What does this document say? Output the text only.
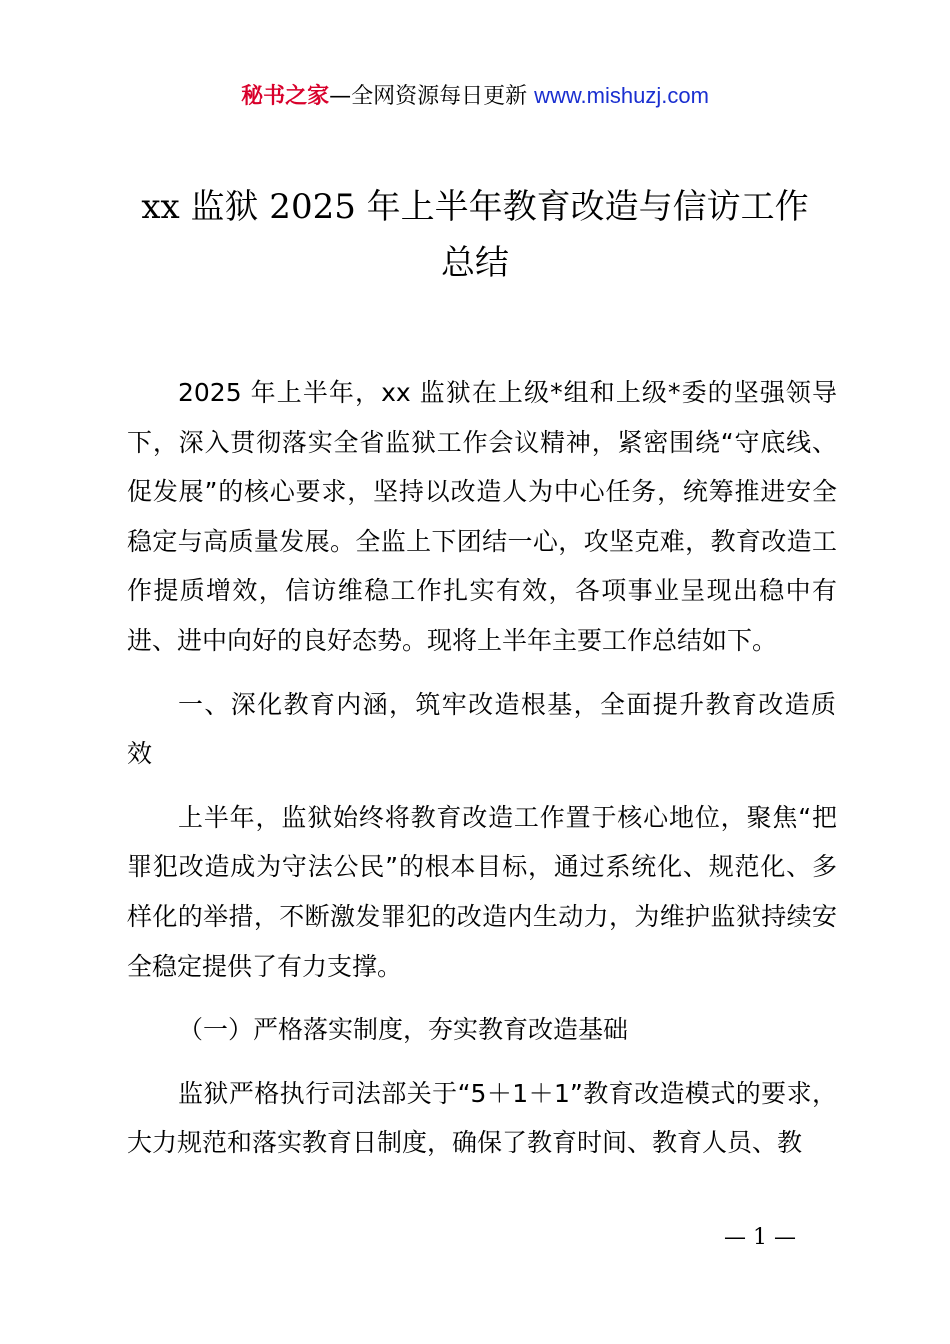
秘书之家—全网资源每日更新 www.mishuzj.com
xx 监狱 2025 年上半年教育改造与信访工作
总结

2025 年上半年，xx 监狱在上级*组和上级*委的坚强领导下，深入贯彻落实全省监狱工作会议精神，紧密围绕“守底线、促发展”的核心要求，坚持以改造人为中心任务，统筹推进安全稳定与高质量发展。全监上下团结一心，攻坚克难，教育改造工作提质增效，信访维稳工作扎实有效，各项事业呈现出稳中有进、进中向好的良好态势。现将上半年主要工作总结如下。

一、深化教育内涵，筑牢改造根基，全面提升教育改造质效

上半年，监狱始终将教育改造工作置于核心地位，聚焦“把罪犯改造成为守法公民”的根本目标，通过系统化、规范化、多样化的举措，不断激发罪犯的改造内生动力，为维护监狱持续安全稳定提供了有力支撑。

（一）严格落实制度，夯实教育改造基础

监狱严格执行司法部关于“5＋1＋1”教育改造模式的要求，大力规范和落实教育日制度，确保了教育时间、教育人员、教

— 1 —
